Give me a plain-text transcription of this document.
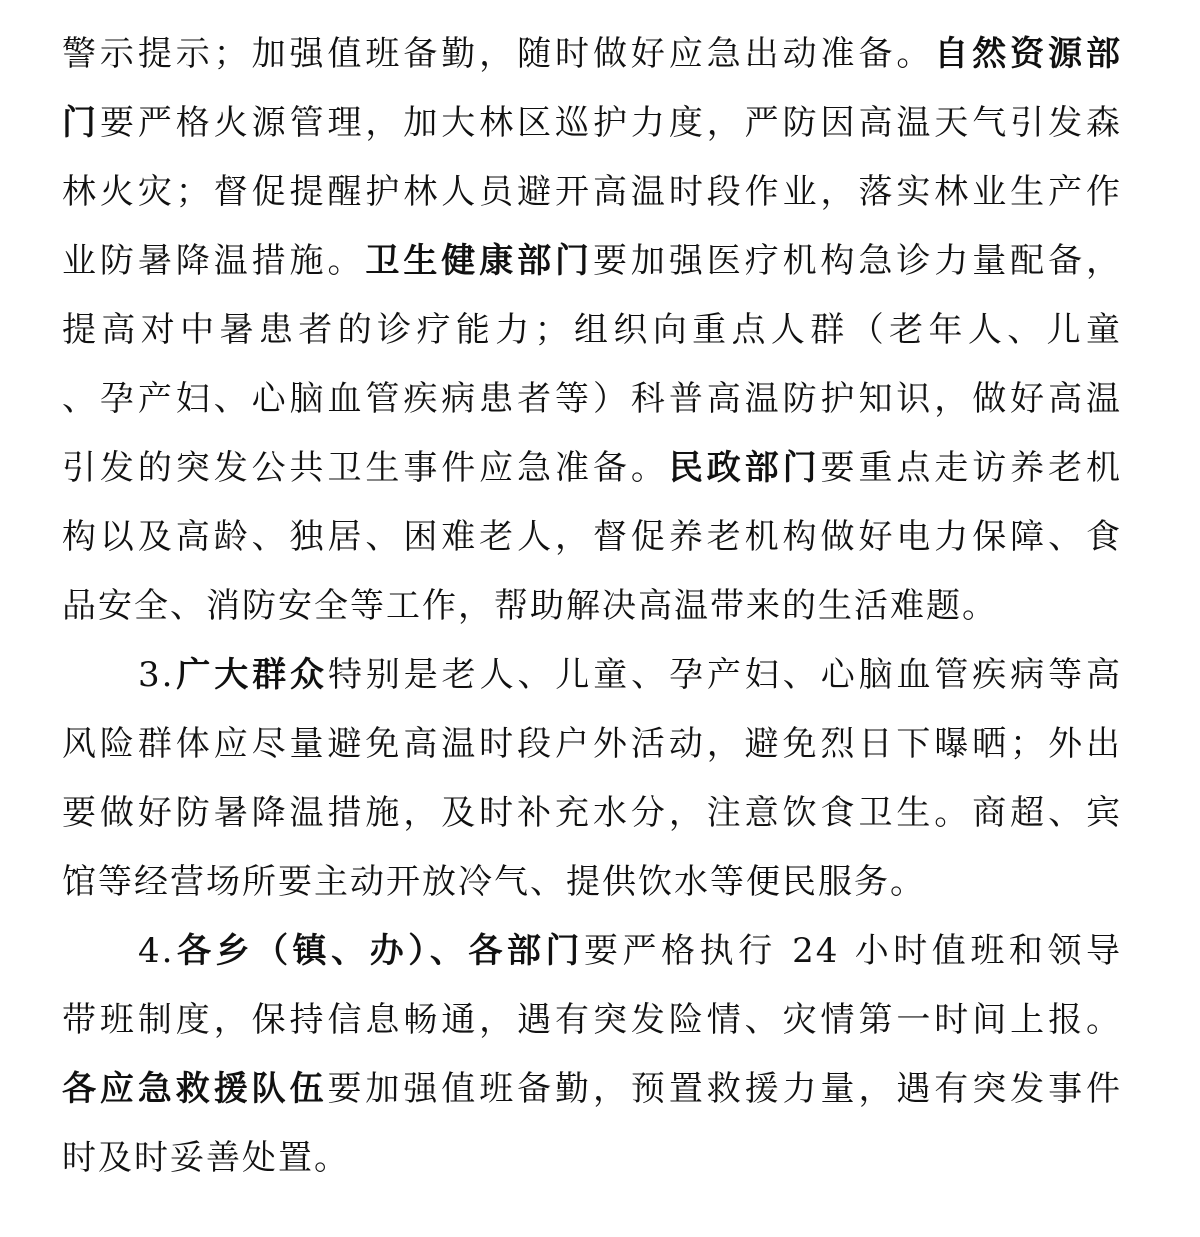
警示提示；加强值班备勤，随时做好应急出动准备。自然资源部
门要严格火源管理，加大林区巡护力度，严防因高温天气引发森
林火灾；督促提醒护林人员避开高温时段作业，落实林业生产作
业防暑降温措施。卫生健康部门要加强医疗机构急诊力量配备，
提高对中暑患者的诊疗能力；组织向重点人群（老年人、儿童
、孕产妇、心脑血管疾病患者等）科普高温防护知识，做好高温
引发的突发公共卫生事件应急准备。民政部门要重点走访养老机
构以及高龄、独居、困难老人，督促养老机构做好电力保障、食
品安全、消防安全等工作，帮助解决高温带来的生活难题。
3.广大群众特别是老人、儿童、孕产妇、心脑血管疾病等高
风险群体应尽量避免高温时段户外活动，避免烈日下曝晒；外出
要做好防暑降温措施，及时补充水分，注意饮食卫生。商超、宾
馆等经营场所要主动开放冷气、提供饮水等便民服务。
4.各乡（镇、办）、各部门要严格执行 24 小时值班和领导
带班制度，保持信息畅通，遇有突发险情、灾情第一时间上报。
各应急救援队伍要加强值班备勤，预置救援力量，遇有突发事件
时及时妥善处置。
